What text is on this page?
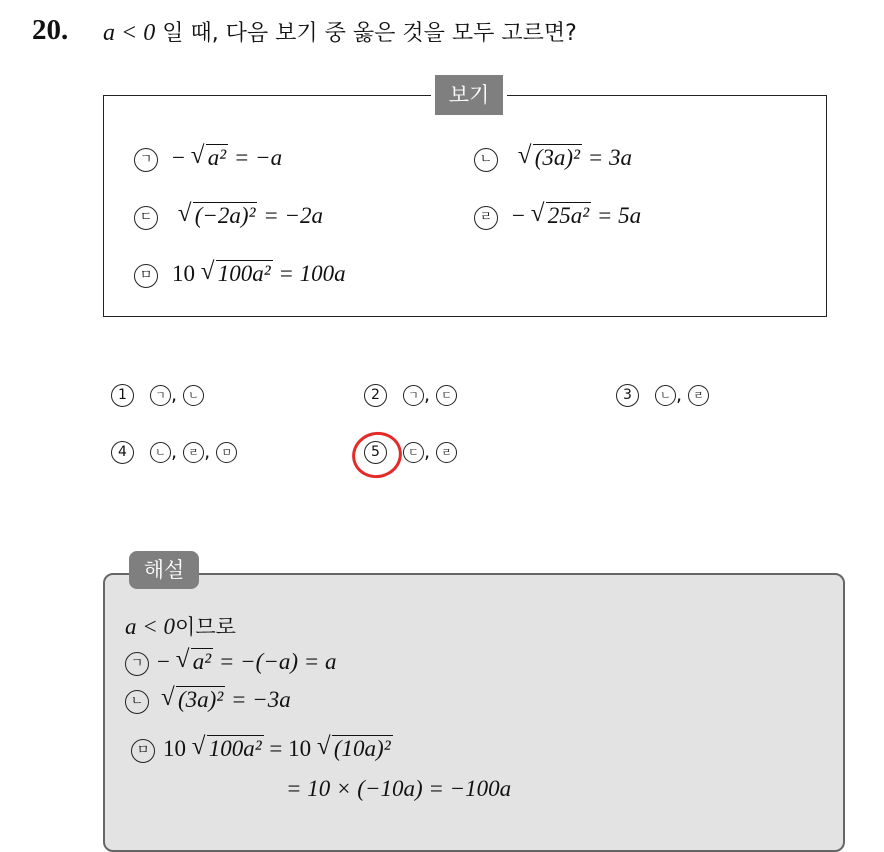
20. a < 0 일 때, 다음 보기 중 옳은 것을 모두 고르면?
보기
ㄱ − √ a² = −a	ㄴ √ (3a)² = 3a
ㄷ √ (−2a)² = −2a	ㄹ − √ 25a² = 5a
ㅁ 10 √ 100a² = 100a
1	ㄱ , ㄴ	2	ㄱ , ㄷ	3	ㄴ , ㄹ
4	ㄴ , ㄹ , ㅁ	5	ㄷ , ㄹ
해설
a < 0이므로
ㄱ − √ a² = −(−a) = a
ㄴ √ (3a)² = −3a
ㅁ 10 √ 100a² = 10 √ (10a)²
= 10 × (−10a) = −100a
